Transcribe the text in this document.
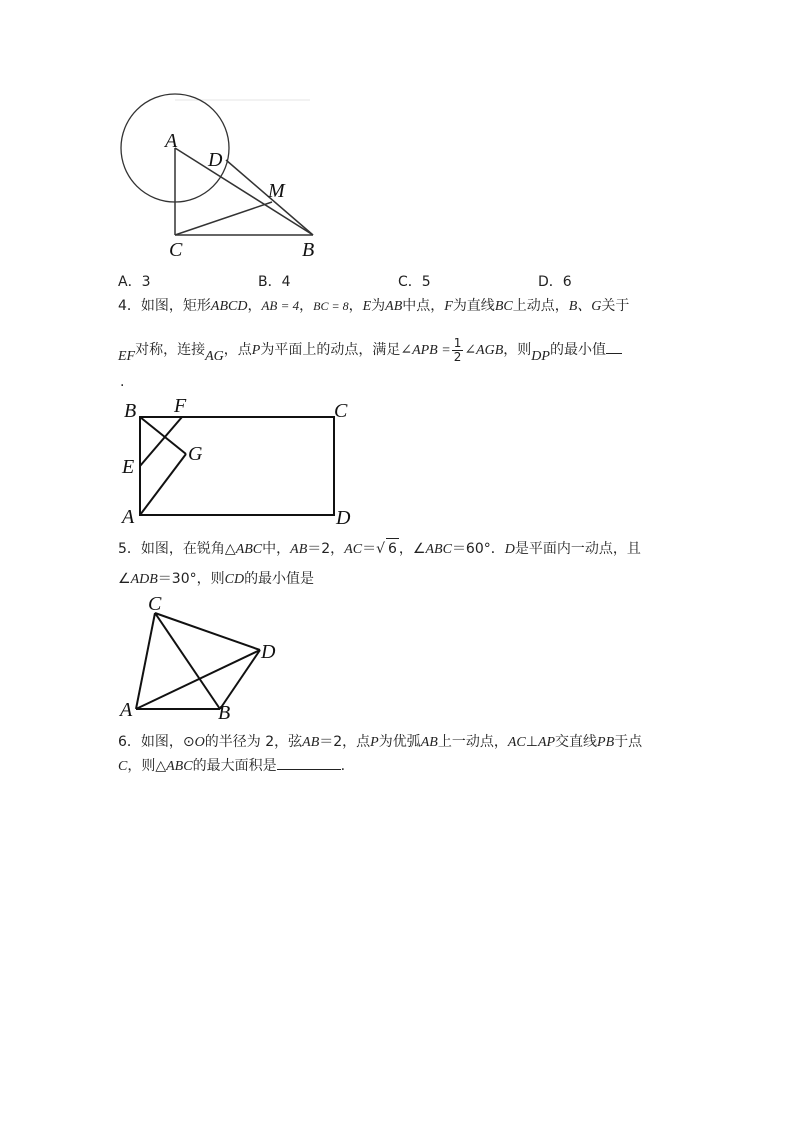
A
D
M
C	B
A．3	B．4	C．5	D．6
4．如图，矩形ABCD，AB = 4，BC = 8，E为AB中点，F为直线BC上动点，B、G关于
EF对称，连接AG，点P为平面上的动点，满足∠APB = $\frac{1}{2}$ ∠AGB，则DP的最小值
.
B F	C
E
G
A	D
5．如图，在锐角△ABC中，AB＝2，AC＝√ 6 ，∠ABC＝60°．D是平面内一动点，且
∠ADB＝30°，则CD的最小值是
C
D
A	B
6．如图，⊙O的半径为 2，弦AB＝2，点P为优弧AB上一动点，AC⊥AP交直线PB于点
C，则△ABC的最大面积是	.
